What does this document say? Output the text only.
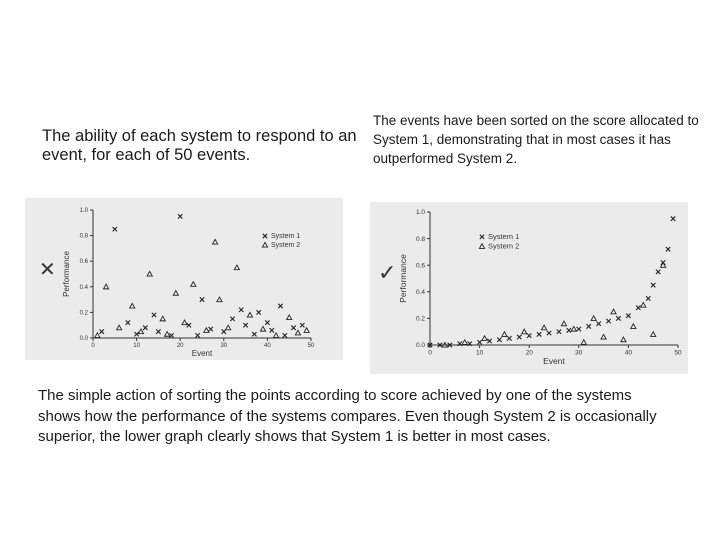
The ability of each system to respond to an event, for each of 50 events.

The events have been sorted on the score allocated to System 1, demonstrating that in most cases it has outperformed System 2.

0	10	20	30	40	50
0.0
0.2
0.4
0.6
0.8
1.0
Event
Performance
System 1
System 2
✕
0	10	20	30	40	50
0.0
0.2
0.4
0.6
0.8
1.0
Event
Performance
System 1
System 2
✓

The simple action of sorting the points according to score achieved by one of the systems shows how the performance of the systems compares. Even though System 2 is occasionally superior, the lower graph clearly shows that System 1 is better in most cases.
